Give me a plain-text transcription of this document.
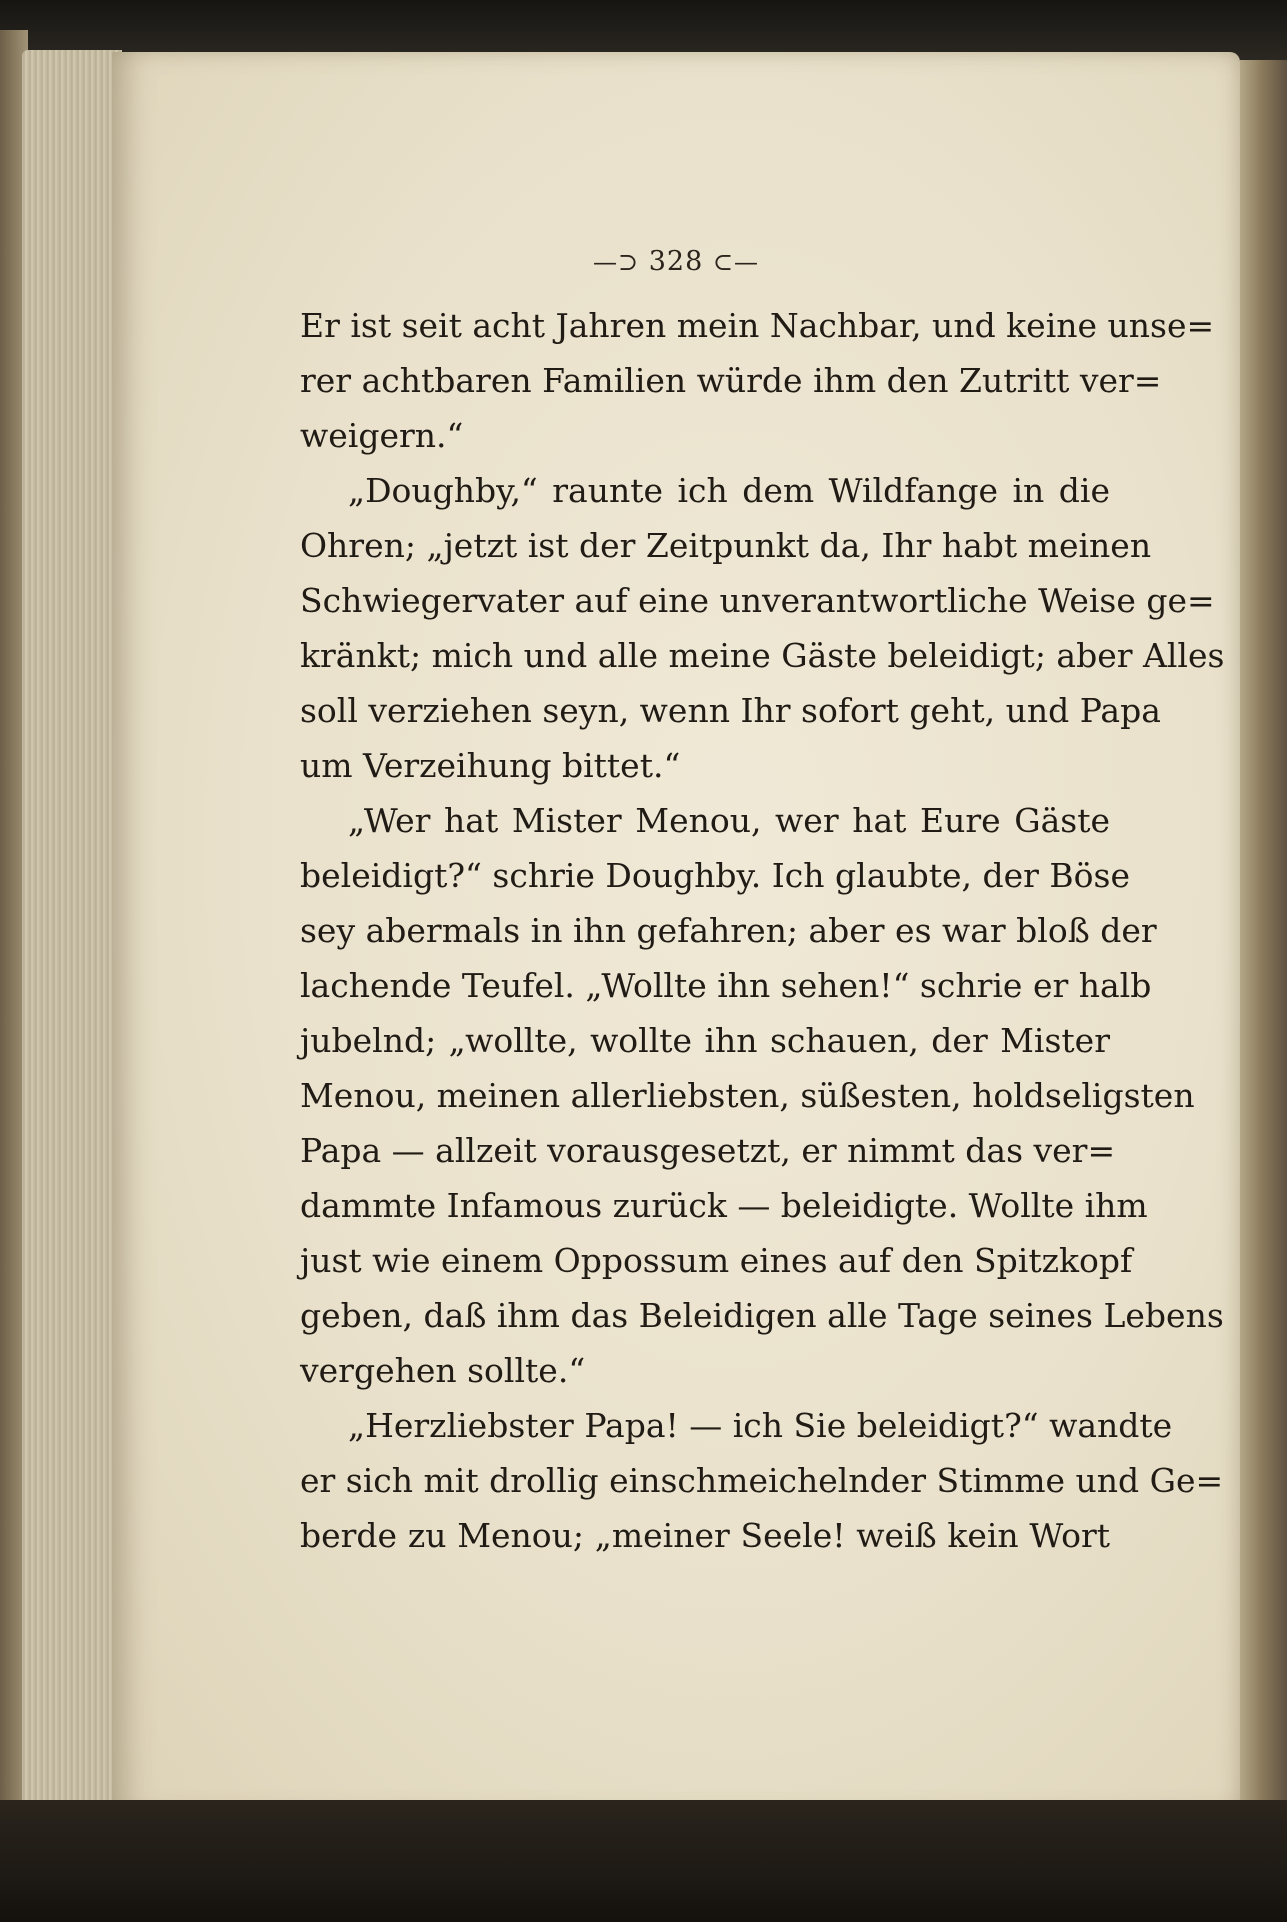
—⊃ 328 ⊂—
Er ist seit acht Jahren mein Nachbar, und keine unse=
rer achtbaren Familien würde ihm den Zutritt ver=
weigern.“
„Doughby,“ raunte ich dem Wildfange in die
Ohren; „jetzt ist der Zeitpunkt da, Ihr habt meinen
Schwiegervater auf eine unverantwortliche Weise ge=
kränkt; mich und alle meine Gäste beleidigt; aber Alles
soll verziehen seyn, wenn Ihr sofort geht, und Papa
um Verzeihung bittet.“
„Wer hat Mister Menou, wer hat Eure Gäste
beleidigt?“ schrie Doughby. Ich glaubte, der Böse
sey abermals in ihn gefahren; aber es war bloß der
lachende Teufel. „Wollte ihn sehen!“ schrie er halb
jubelnd; „wollte, wollte ihn schauen, der Mister
Menou, meinen allerliebsten, süßesten, holdseligsten
Papa — allzeit vorausgesetzt, er nimmt das ver=
dammte Infamous zurück — beleidigte. Wollte ihm
just wie einem Oppossum eines auf den Spitzkopf
geben, daß ihm das Beleidigen alle Tage seines Lebens
vergehen sollte.“
„Herzliebster Papa! — ich Sie beleidigt?“ wandte
er sich mit drollig einschmeichelnder Stimme und Ge=
berde zu Menou; „meiner Seele! weiß kein Wort
